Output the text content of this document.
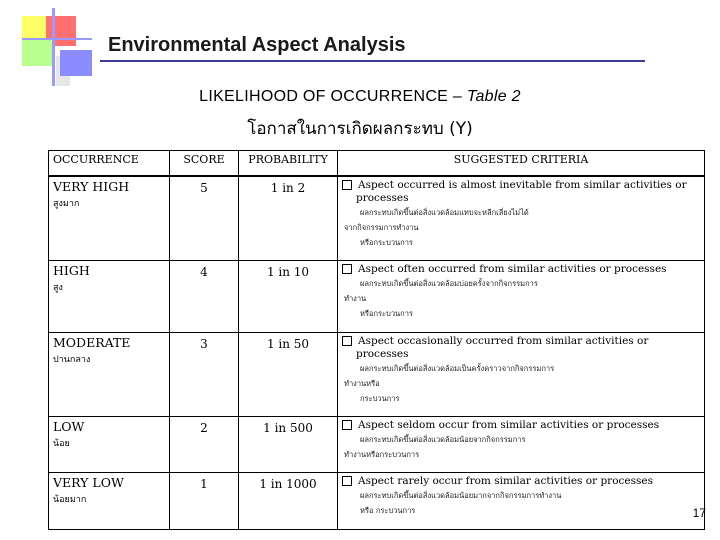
Environmental Aspect Analysis
LIKELIHOOD OF OCCURRENCE – Table 2
โอกาสในการเกิดผลกระทบ (Y)
OCCURRENCE	SCORE	PROBABILITY	SUGGESTED CRITERIA

VERY HIGH
สูงมาก	5	1 in 2	Aspect occurred is almost inevitable from similar activities or processes
ผลกระทบเกิดขึ้นต่อสิ่งแวดล้อมแทบจะหลีกเลี่ยงไม่ได้
จากกิจกรรมการทำงาน
หรือกระบวนการ

HIGH
สูง	4	1 in 10	Aspect often occurred from similar activities or processes
ผลกระทบเกิดขึ้นต่อสิ่งแวดล้อมบ่อยครั้งจากกิจกรรมการ
ทำงาน
หรือกระบวนการ

MODERATE
ปานกลาง	3	1 in 50	Aspect occasionally occurred from similar activities or processes
ผลกระทบเกิดขึ้นต่อสิ่งแวดล้อมเป็นครั้งคราวจากกิจกรรมการ
ทำงานหรือ
กระบวนการ

LOW
น้อย	2	1 in 500	Aspect seldom occur from similar activities or processes
ผลกระทบเกิดขึ้นต่อสิ่งแวดล้อมน้อยจากกิจกรรมการ
ทำงานหรือกระบวนการ

VERY LOW
น้อยมาก	1	1 in 1000	Aspect rarely occur from similar activities or processes
ผลกระทบเกิดขึ้นต่อสิ่งแวดล้อมน้อยมากจากกิจกรรมการทำงาน
หรือ กระบวนการ	17
